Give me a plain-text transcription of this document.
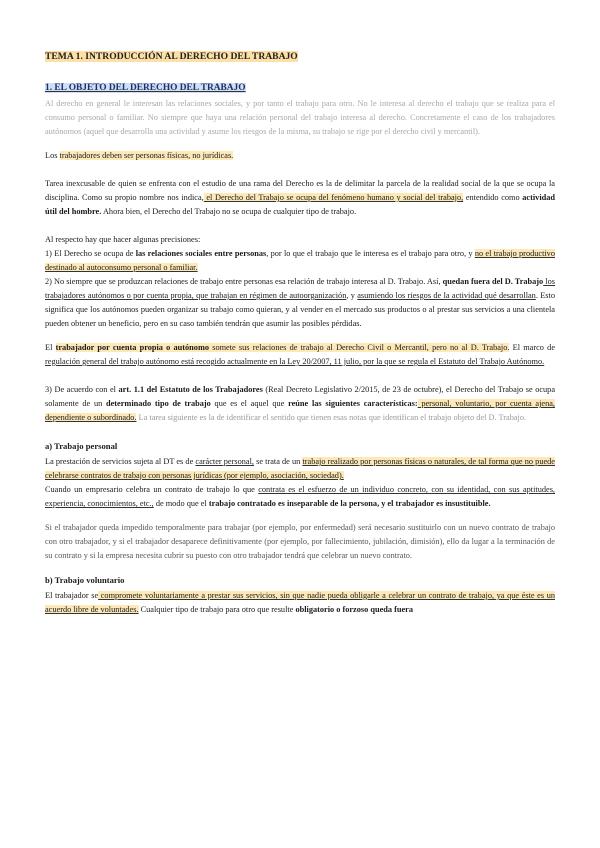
TEMA 1. INTRODUCCIÓN AL DERECHO DEL TRABAJO
1. EL OBJETO DEL DERECHO DEL TRABAJO

Al derecho en general le interesan las relaciones sociales, y por tanto el trabajo para otro. No le interesa al derecho el trabajo que se realiza para el consumo personal o familiar. No siempre que haya una relación personal del trabajo interesa al derecho. Concretamente el caso de los trabajadores autónomos (aquel que desarrolla una actividad y asume los riesgos de la misma, su trabajo se rige por el derecho civil y mercantil).

Los trabajadores deben ser personas físicas, no jurídicas.

Tarea inexcusable de quien se enfrenta con el estudio de una rama del Derecho es la de delimitar la parcela de la realidad social de la que se ocupa la disciplina. Como su propio nombre nos indica, el Derecho del Trabajo se ocupa del fenómeno humano y social del trabajo, entendido como actividad útil del hombre. Ahora bien, el Derecho del Trabajo no se ocupa de cualquier tipo de trabajo.

Al respecto hay que hacer algunas precisiones:

1) El Derecho se ocupa de las relaciones sociales entre personas, por lo que el trabajo que le interesa es el trabajo para otro, y no el trabajo productivo destinado al autoconsumo personal o familiar.

2) No siempre que se produzcan relaciones de trabajo entre personas esa relación de trabajo interesa al D. Trabajo. Así, quedan fuera del D. Trabajo los trabajadores autónomos o por cuenta propia, que trabajan en régimen de autoorganización, y asumiendo los riesgos de la actividad qué desarrollan. Esto significa que los autónomos pueden organizar su trabajo como quieran, y al vender en el mercado sus productos o al prestar sus servicios a una clientela pueden obtener un beneficio, pero en su caso también tendrán que asumir las posibles pérdidas.

El trabajador por cuenta propia o autónomo somete sus relaciones de trabajo al Derecho Civil o Mercantil, pero no al D. Trabajo. El marco de regulación general del trabajo autónomo está recogido actualmente en la Ley 20/2007, 11 julio, por la que se regula el Estatuto del Trabajo Autónomo.

3) De acuerdo con el art. 1.1 del Estatuto de los Trabajadores (Real Decreto Legislativo 2/2015, de 23 de octubre), el Derecho del Trabajo se ocupa solamente de un determinado tipo de trabajo que es el aquel que reúne las siguientes características: personal, voluntario, por cuenta ajena, dependiente o subordinado. La tarea siguiente es la de identificar el sentido que tienen esas notas que identifican el trabajo objeto del D. Trabajo.

a) Trabajo personal

La prestación de servicios sujeta al DT es de carácter personal, se trata de un trabajo realizado por personas físicas o naturales, de tal forma que no puede celebrarse contratos de trabajo con personas jurídicas (por ejemplo, asociación, sociedad).

Cuando un empresario celebra un contrato de trabajo lo que contrata es el esfuerzo de un individuo concreto, con su identidad, con sus aptitudes, experiencia, conocimientos, etc., de modo que el trabajo contratado es inseparable de la persona, y el trabajador es insustituible.

Si el trabajador queda impedido temporalmente para trabajar (por ejemplo, por enfermedad) será necesario sustituirlo con un nuevo contrato de trabajo con otro trabajador, y si el trabajador desaparece definitivamente (por ejemplo, por fallecimiento, jubilación, dimisión), ello da lugar a la terminación de su contrato y si la empresa necesita cubrir su puesto con otro trabajador tendrá que celebrar un nuevo contrato.

b) Trabajo voluntario

El trabajador se compromete voluntariamente a prestar sus servicios, sin que nadie pueda obligarle a celebrar un contrato de trabajo, ya que éste es un acuerdo libre de voluntades. Cualquier tipo de trabajo para otro que resulte obligatorio o forzoso queda fuera
